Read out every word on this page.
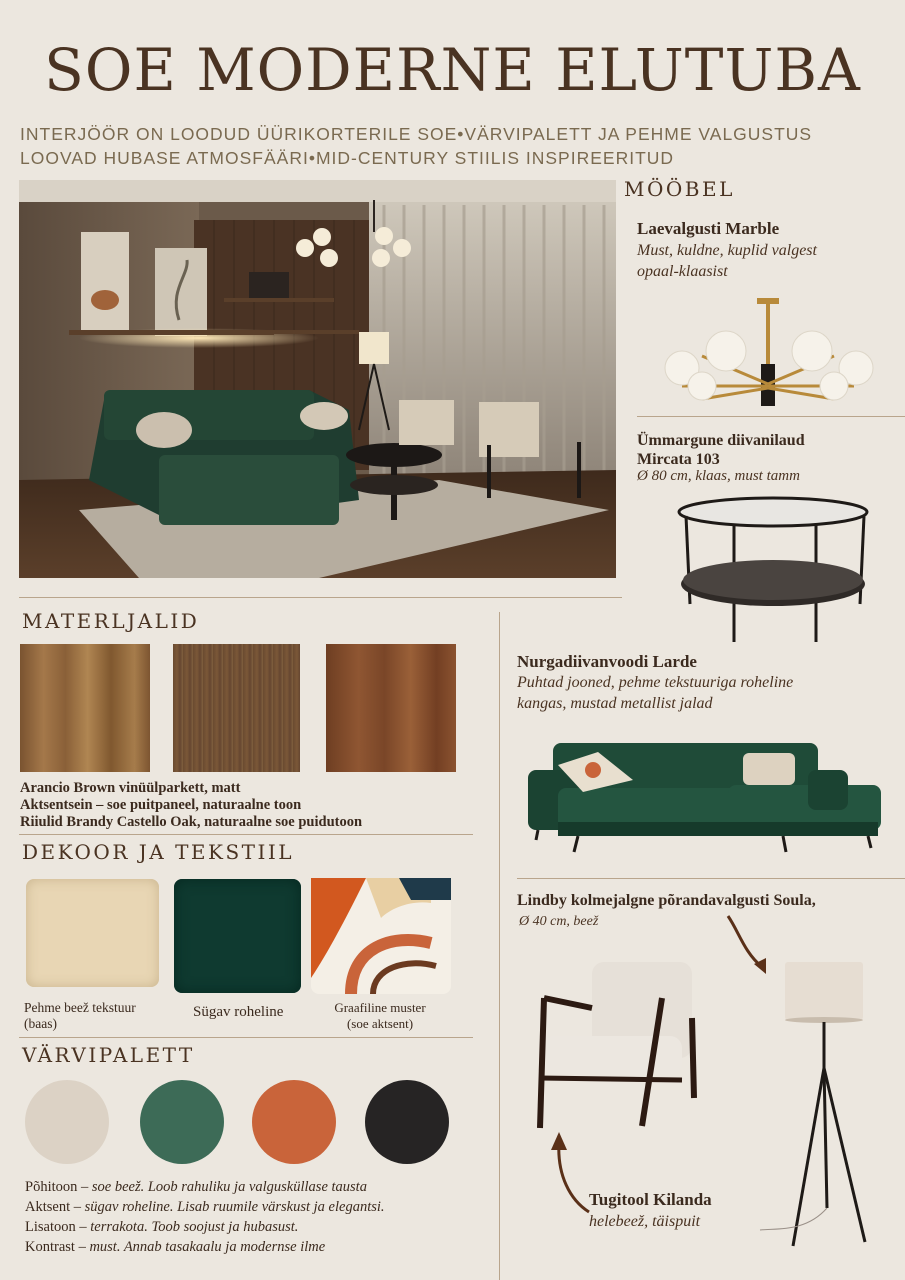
SOE MODERNE ELUTUBA
INTERJÖÖR ON LOODUD ÜÜRIKORTERILE SOE•VÄRVIPALETT JA PEHME VALGUSTUS
LOOVAD HUBASE ATMOSFÄÄRI•MID-CENTURY STIILIS INSPIREERITUD
MÖÖBEL
Laevalgusti Marble
Must, kuldne, kuplid valgest
opaal-klaasist
Ümmargune diivanilaud
Mircata 103
Ø 80 cm, klaas, must tamm
MATERLJALID
Arancio Brown vinüülparkett, matt
Aktsentsein – soe puitpaneel, naturaalne toon
Riiulid Brandy Castello Oak, naturaalne soe puidutoon
DEKOOR JA TEKSTIIL
Pehme beež tekstuur
(baas)
Sügav roheline	Graafiline muster
(soe aktsent)
VÄRVIPALETT
Põhitoon – soe beež. Loob rahuliku ja valgusküllase tausta
Aktsent – sügav roheline. Lisab ruumile värskust ja elegantsi.
Lisatoon – terrakota. Toob soojust ja hubasust.
Kontrast – must. Annab tasakaalu ja modernse ilme
Nurgadiivanvoodi Larde
Puhtad jooned, pehme tekstuuriga roheline
kangas, mustad metallist jalad
Lindby kolmejalgne põrandavalgusti Soula,
Ø 40 cm, beež
Tugitool Kilanda
helebeež, täispuit
